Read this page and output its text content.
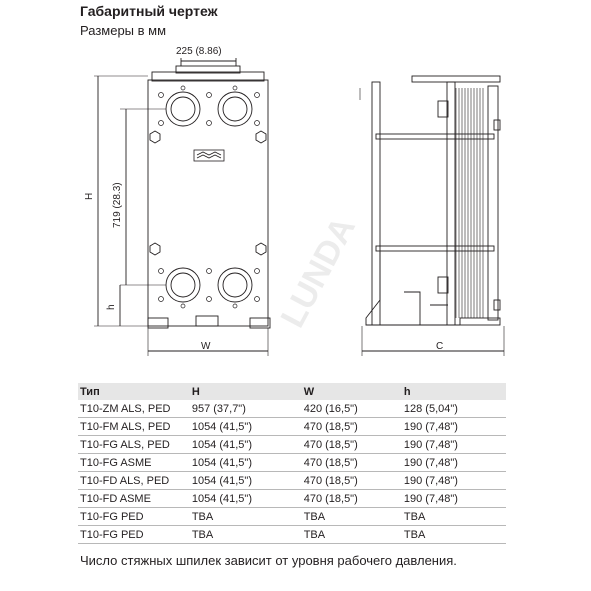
Габаритный чертеж
Размеры в мм
LUNDA
225 (8.86)
H 719 (28.3)
h
W	C
Тип	H	W	h
T10-ZM ALS, PED	957 (37,7")	420 (16,5")	128 (5,04")
T10-FM ALS, PED	1054 (41,5")	470 (18,5")	190 (7,48")
T10-FG ALS, PED	1054 (41,5")	470 (18,5")	190 (7,48")
T10-FG ASME	1054 (41,5")	470 (18,5")	190 (7,48")
T10-FD ALS, PED	1054 (41,5")	470 (18,5")	190 (7,48")
T10-FD ASME	1054 (41,5")	470 (18,5")	190 (7,48")
T10-FG PED	TBA	TBA	TBA
T10-FG PED	TBA	TBA	TBA
Число стяжных шпилек зависит от уровня рабочего давления.
